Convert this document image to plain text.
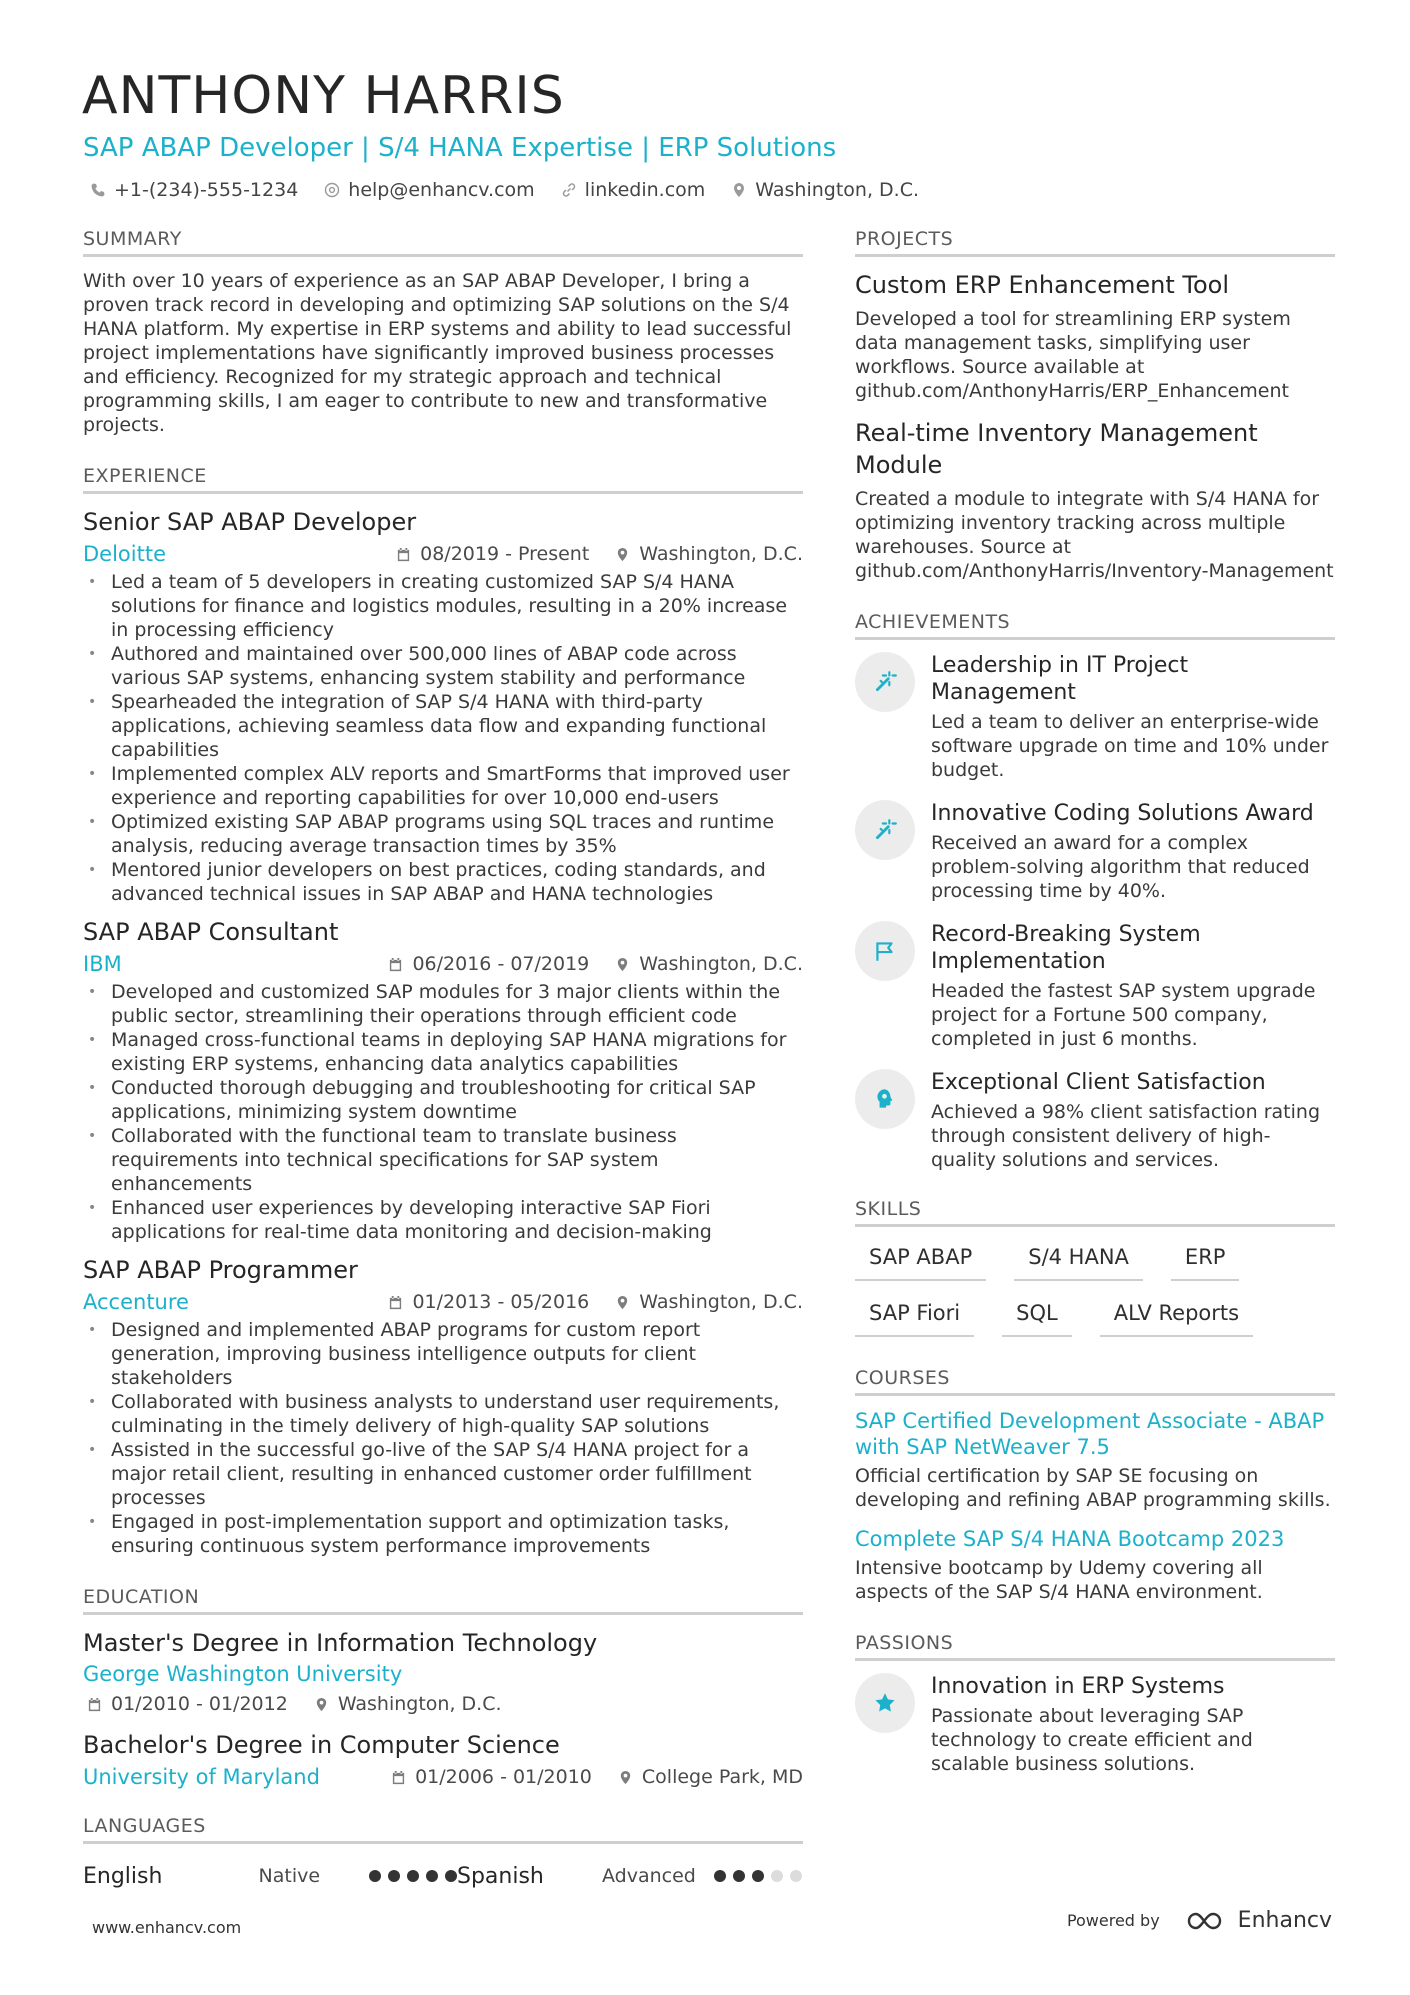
ANTHONY HARRIS
SAP ABAP Developer | S/4 HANA Expertise | ERP Solutions
+1-(234)-555-1234	help@enhancv.com	linkedin.com	Washington, D.C.
SUMMARY

With over 10 years of experience as an SAP ABAP Developer, I bring a proven track record in developing and optimizing SAP solutions on the S/4 HANA platform. My expertise in ERP systems and ability to lead successful project implementations have significantly improved business processes and efficiency. Recognized for my strategic approach and technical programming skills, I am eager to contribute to new and transformative projects.

EXPERIENCE
Senior SAP ABAP Developer
Deloitte	08/2019 - Present	Washington, D.C.
• Led a team of 5 developers in creating customized SAP S/4 HANA solutions for finance and logistics modules, resulting in a 20% increase in processing efficiency
• Authored and maintained over 500,000 lines of ABAP code across various SAP systems, enhancing system stability and performance
• Spearheaded the integration of SAP S/4 HANA with third-party applications, achieving seamless data flow and expanding functional capabilities
• Implemented complex ALV reports and SmartForms that improved user experience and reporting capabilities for over 10,000 end-users
• Optimized existing SAP ABAP programs using SQL traces and runtime analysis, reducing average transaction times by 35%
• Mentored junior developers on best practices, coding standards, and advanced technical issues in SAP ABAP and HANA technologies
SAP ABAP Consultant
IBM	06/2016 - 07/2019	Washington, D.C.
• Developed and customized SAP modules for 3 major clients within the public sector, streamlining their operations through efficient code
• Managed cross-functional teams in deploying SAP HANA migrations for existing ERP systems, enhancing data analytics capabilities
• Conducted thorough debugging and troubleshooting for critical SAP applications, minimizing system downtime
• Collaborated with the functional team to translate business requirements into technical specifications for SAP system enhancements
• Enhanced user experiences by developing interactive SAP Fiori applications for real-time data monitoring and decision-making
SAP ABAP Programmer
Accenture	01/2013 - 05/2016	Washington, D.C.
• Designed and implemented ABAP programs for custom report generation, improving business intelligence outputs for client stakeholders
• Collaborated with business analysts to understand user requirements, culminating in the timely delivery of high-quality SAP solutions
• Assisted in the successful go-live of the SAP S/4 HANA project for a major retail client, resulting in enhanced customer order fulfillment processes
• Engaged in post-implementation support and optimization tasks, ensuring continuous system performance improvements
EDUCATION
Master's Degree in Information Technology
George Washington University
01/2010 - 01/2012	Washington, D.C.
Bachelor's Degree in Computer Science
University of Maryland	01/2006 - 01/2010	College Park, MD
LANGUAGES
English	Native	Spanish	Advanced
PROJECTS
Custom ERP Enhancement Tool
Developed a tool for streamlining ERP system data management tasks, simplifying user workflows. Source available at github.com/AnthonyHarris/ERP_Enhancement
Real-time Inventory Management Module
Created a module to integrate with S/4 HANA for optimizing inventory tracking across multiple warehouses. Source at github.com/AnthonyHarris/Inventory-Management
ACHIEVEMENTS
Leadership in IT Project Management
Led a team to deliver an enterprise-wide software upgrade on time and 10% under budget.
Innovative Coding Solutions Award
Received an award for a complex problem-solving algorithm that reduced processing time by 40%.
Record-Breaking System Implementation
Headed the fastest SAP system upgrade project for a Fortune 500 company, completed in just 6 months.
Exceptional Client Satisfaction
Achieved a 98% client satisfaction rating through consistent delivery of high-quality solutions and services.
SKILLS
SAP ABAP	S/4 HANA	ERP
SAP Fiori	SQL	ALV Reports
COURSES
SAP Certified Development Associate - ABAP with SAP NetWeaver 7.5
Official certification by SAP SE focusing on developing and refining ABAP programming skills.
Complete SAP S/4 HANA Bootcamp 2023
Intensive bootcamp by Udemy covering all aspects of the SAP S/4 HANA environment.
PASSIONS
Innovation in ERP Systems
Passionate about leveraging SAP technology to create efficient and scalable business solutions.
www.enhancv.com	Powered by	Enhancv
